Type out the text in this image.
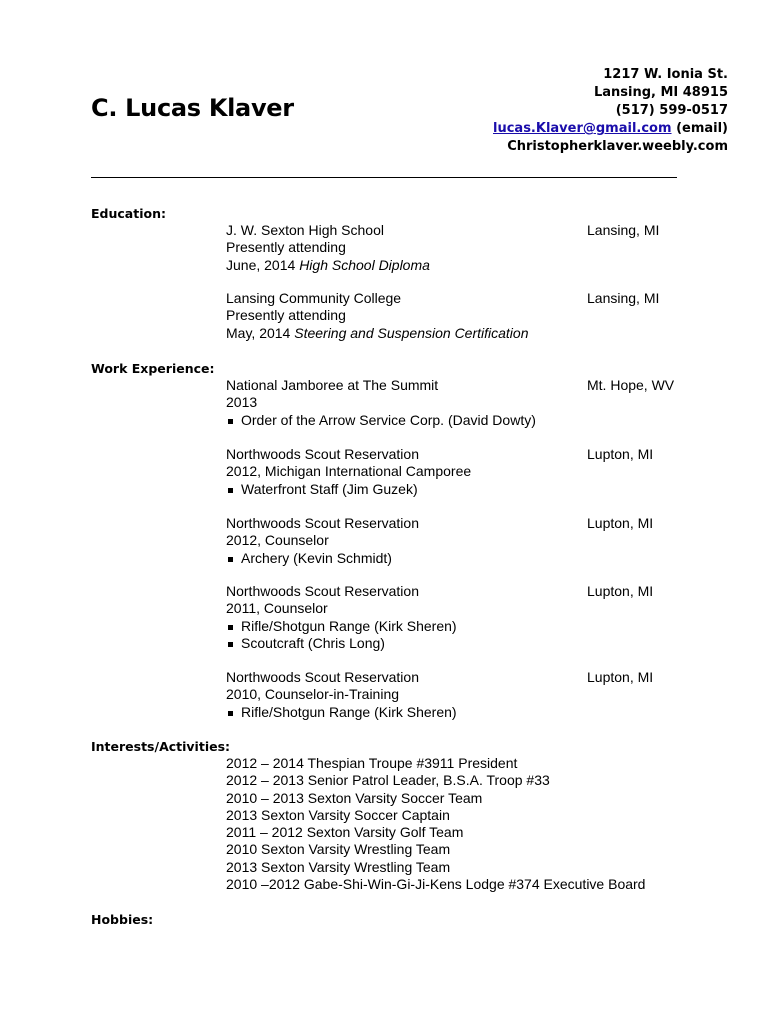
C. Lucas Klaver
1217 W. Ionia St.
Lansing, MI 48915
(517) 599-0517
lucas.Klaver@gmail.com (email)
Christopherklaver.weebly.com
Education:
J. W. Sexton High School	Lansing, MI
Presently attending
June, 2014 High School Diploma
Lansing Community College	Lansing, MI
Presently attending
May, 2014 Steering and Suspension Certification
Work Experience:
National Jamboree at The Summit	Mt. Hope, WV
2013
Order of the Arrow Service Corp. (David Dowty)
Northwoods Scout Reservation	Lupton, MI
2012, Michigan International Camporee
Waterfront Staff (Jim Guzek)
Northwoods Scout Reservation	Lupton, MI
2012, Counselor
Archery (Kevin Schmidt)
Northwoods Scout Reservation	Lupton, MI
2011, Counselor
Rifle/Shotgun Range (Kirk Sheren)
Scoutcraft (Chris Long)
Northwoods Scout Reservation	Lupton, MI
2010, Counselor-in-Training
Rifle/Shotgun Range (Kirk Sheren)
Interests/Activities:
2012 – 2014 Thespian Troupe #3911 President
2012 – 2013 Senior Patrol Leader, B.S.A. Troop #33
2010 – 2013 Sexton Varsity Soccer Team
2013 Sexton Varsity Soccer Captain
2011 – 2012 Sexton Varsity Golf Team
2010 Sexton Varsity Wrestling Team
2013 Sexton Varsity Wrestling Team
2010 –2012 Gabe-Shi-Win-Gi-Ji-Kens Lodge #374 Executive Board
Hobbies:
